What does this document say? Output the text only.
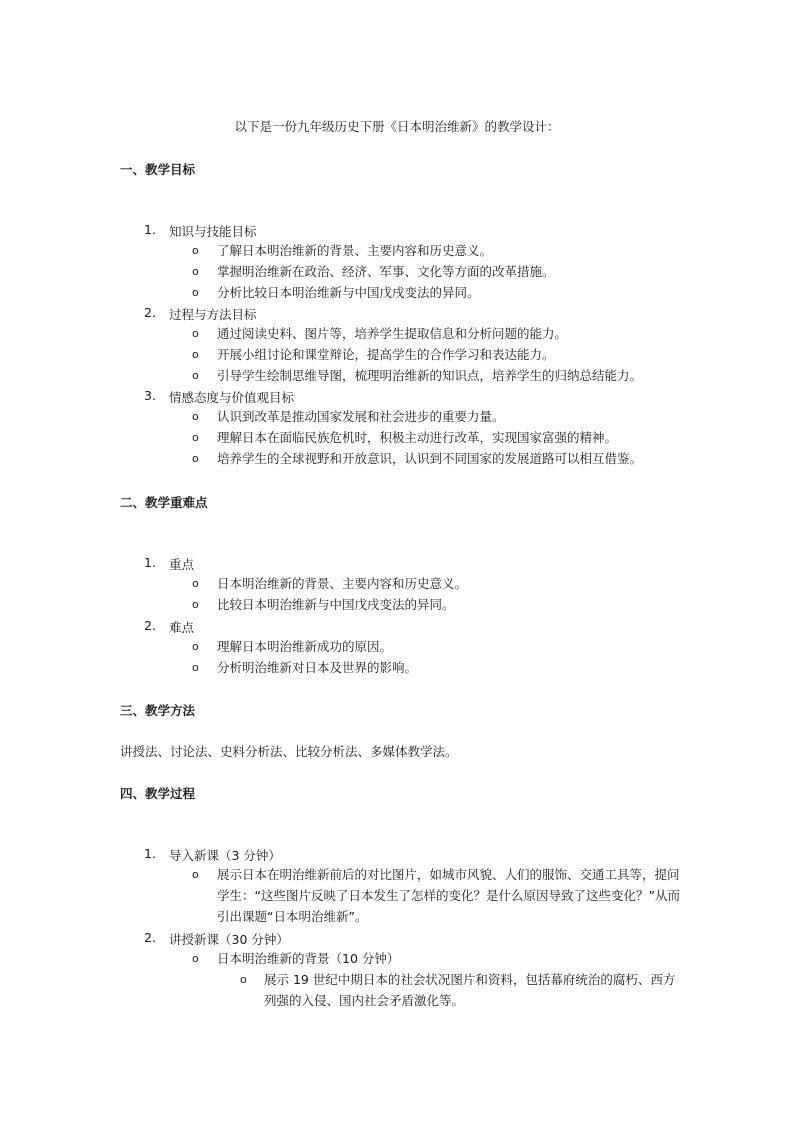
以下是一份九年级历史下册《日本明治维新》的教学设计：
一、教学目标
1. 知识与技能目标
o 了解日本明治维新的背景、主要内容和历史意义。
o 掌握明治维新在政治、经济、军事、文化等方面的改革措施。
o 分析比较日本明治维新与中国戊戌变法的异同。
2. 过程与方法目标
o 通过阅读史料、图片等，培养学生提取信息和分析问题的能力。
o 开展小组讨论和课堂辩论，提高学生的合作学习和表达能力。
o 引导学生绘制思维导图，梳理明治维新的知识点，培养学生的归纳总结能力。
3. 情感态度与价值观目标
o 认识到改革是推动国家发展和社会进步的重要力量。
o 理解日本在面临民族危机时，积极主动进行改革，实现国家富强的精神。
o 培养学生的全球视野和开放意识，认识到不同国家的发展道路可以相互借鉴。
二、教学重难点
1. 重点
o 日本明治维新的背景、主要内容和历史意义。
o 比较日本明治维新与中国戊戌变法的异同。
2. 难点
o 理解日本明治维新成功的原因。
o 分析明治维新对日本及世界的影响。
三、教学方法
讲授法、讨论法、史料分析法、比较分析法、多媒体教学法。
四、教学过程
1. 导入新课（3 分钟）
o 展示日本在明治维新前后的对比图片，如城市风貌、人们的服饰、交通工具等，提问学生：“这些图片反映了日本发生了怎样的变化？是什么原因导致了这些变化？”从而引出课题“日本明治维新”。
2. 讲授新课（30 分钟）
o 日本明治维新的背景（10 分钟）
o 展示 19 世纪中期日本的社会状况图片和资料，包括幕府统治的腐朽、西方列强的入侵、国内社会矛盾激化等。
